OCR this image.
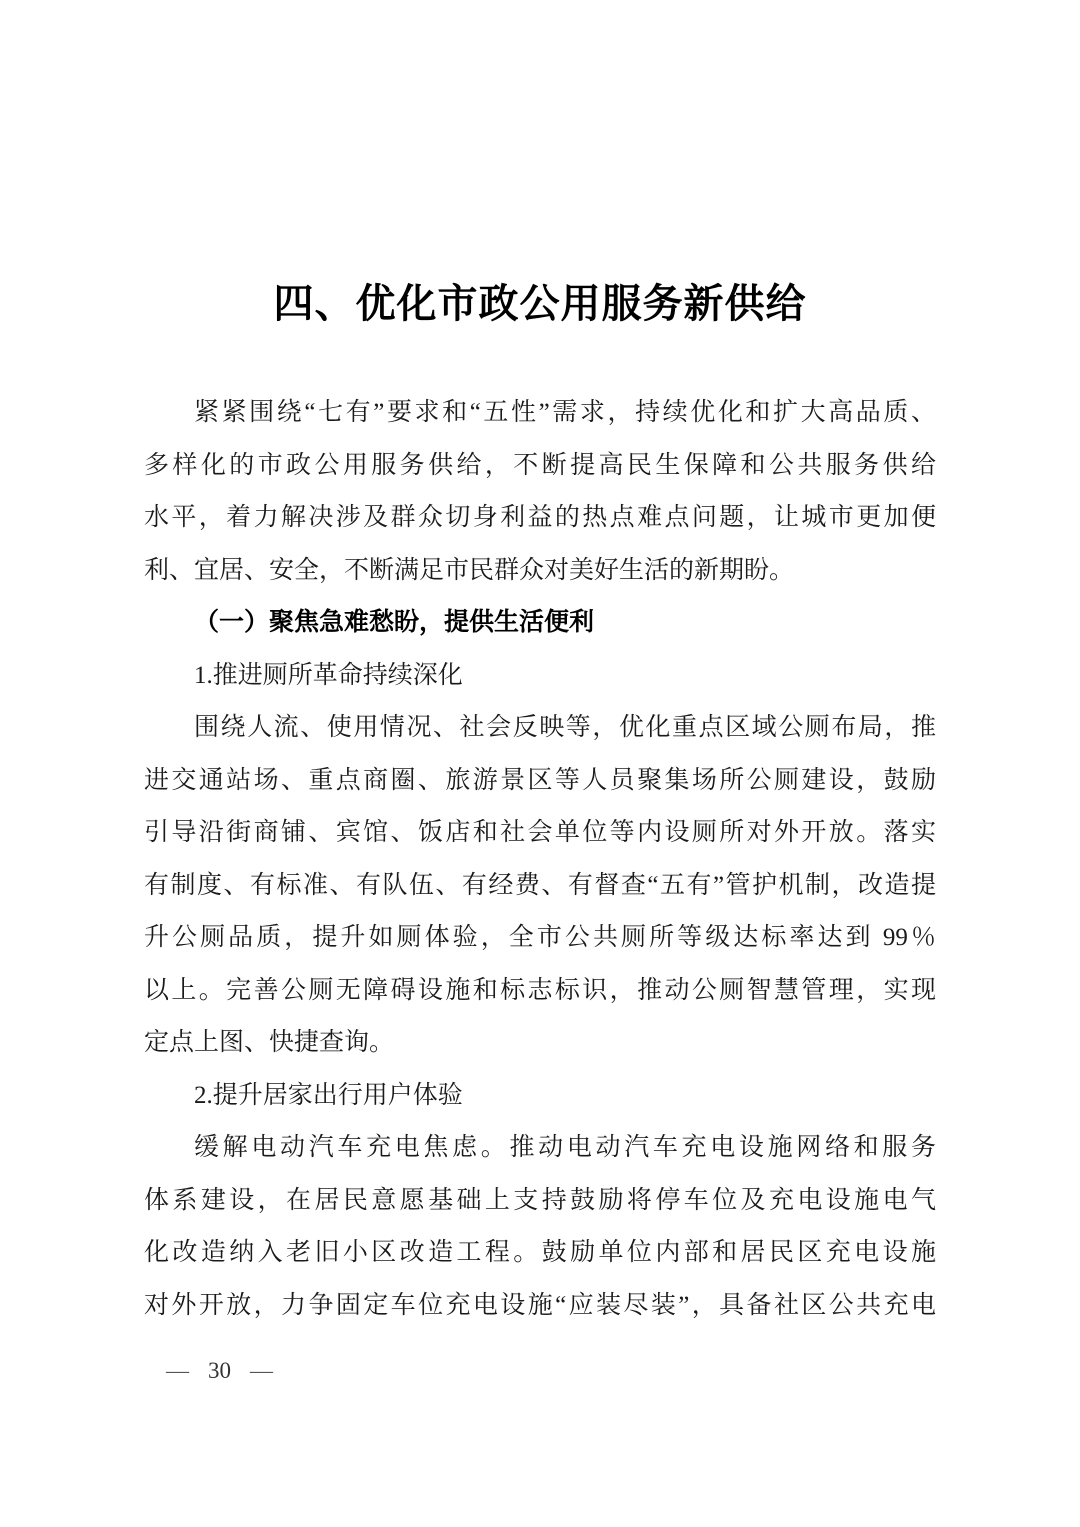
四、优化市政公用服务新供给
紧紧围绕“七有”要求和“五性”需求，持续优化和扩大高品质、
多样化的市政公用服务供给，不断提高民生保障和公共服务供给
水平，着力解决涉及群众切身利益的热点难点问题，让城市更加便
利、宜居、安全，不断满足市民群众对美好生活的新期盼。
（一）聚焦急难愁盼，提供生活便利
1.推进厕所革命持续深化
围绕人流、使用情况、社会反映等，优化重点区域公厕布局，推
进交通站场、重点商圈、旅游景区等人员聚集场所公厕建设，鼓励
引导沿街商铺、宾馆、饭店和社会单位等内设厕所对外开放。落实
有制度、有标准、有队伍、有经费、有督查“五有”管护机制，改造提
升公厕品质，提升如厕体验，全市公共厕所等级达标率达到 99％
以上。完善公厕无障碍设施和标志标识，推动公厕智慧管理，实现
定点上图、快捷查询。
2.提升居家出行用户体验
缓解电动汽车充电焦虑。推动电动汽车充电设施网络和服务
体系建设，在居民意愿基础上支持鼓励将停车位及充电设施电气
化改造纳入老旧小区改造工程。鼓励单位内部和居民区充电设施
对外开放，力争固定车位充电设施“应装尽装”，具备社区公共充电
— 30 —
